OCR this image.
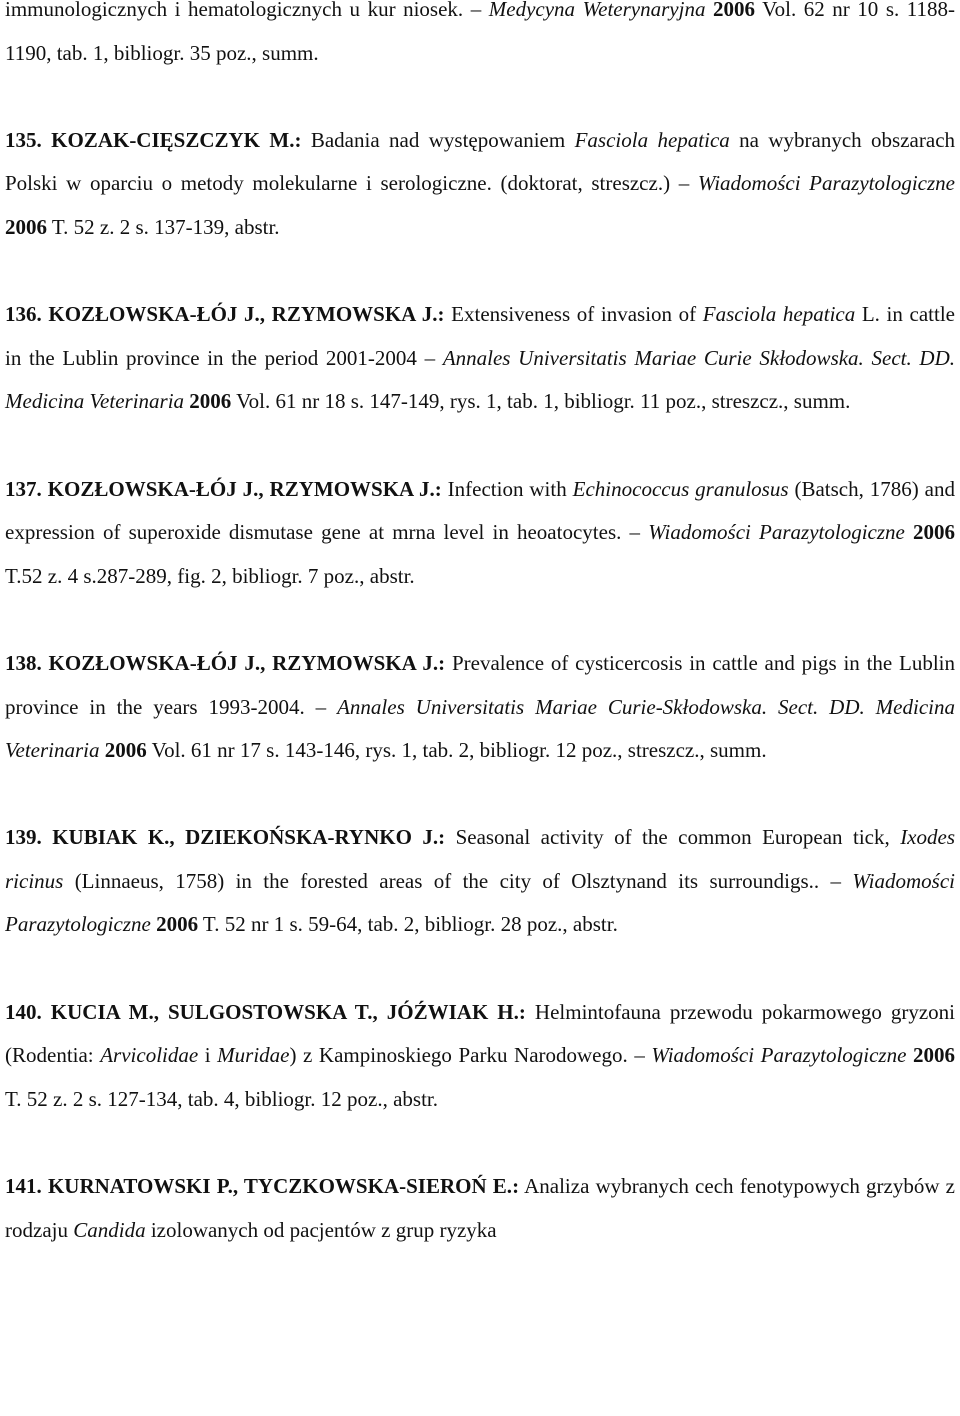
immunologicznych i hematologicznych u kur niosek. – Medycyna Weterynaryjna 2006 Vol. 62 nr 10 s. 1188-1190, tab. 1, bibliogr. 35 poz., summ.

135. KOZAK-CIĘSZCZYK M.: Badania nad występowaniem Fasciola hepatica na wybranych obszarach Polski w oparciu o metody molekularne i serologiczne. (doktorat, streszcz.) – Wiadomości Parazytologiczne 2006 T. 52 z. 2 s. 137-139, abstr.

136. KOZŁOWSKA-ŁÓJ J., RZYMOWSKA J.: Extensiveness of invasion of Fasciola hepatica L. in cattle in the Lublin province in the period 2001-2004 – Annales Universitatis Mariae Curie Skłodowska. Sect. DD. Medicina Veterinaria 2006 Vol. 61 nr 18 s. 147-149, rys. 1, tab. 1, bibliogr. 11 poz., streszcz., summ.

137. KOZŁOWSKA-ŁÓJ J., RZYMOWSKA J.: Infection with Echinococcus granulosus (Batsch, 1786) and expression of superoxide dismutase gene at mrna level in heoatocytes. – Wiadomości Parazytologiczne 2006 T.52 z. 4 s.287-289, fig. 2, bibliogr. 7 poz., abstr.

138. KOZŁOWSKA-ŁÓJ J., RZYMOWSKA J.: Prevalence of cysticercosis in cattle and pigs in the Lublin province in the years 1993-2004. – Annales Universitatis Mariae Curie-Skłodowska. Sect. DD. Medicina Veterinaria 2006 Vol. 61 nr 17 s. 143-146, rys. 1, tab. 2, bibliogr. 12 poz., streszcz., summ.

139. KUBIAK K., DZIEKOŃSKA-RYNKO J.: Seasonal activity of the common European tick, Ixodes ricinus (Linnaeus, 1758) in the forested areas of the city of Olsztynand its surroundigs.. – Wiadomości Parazytologiczne 2006 T. 52 nr 1 s. 59-64, tab. 2, bibliogr. 28 poz., abstr.

140. KUCIA M., SULGOSTOWSKA T., JÓŹWIAK H.: Helmintofauna przewodu pokarmowego gryzoni (Rodentia: Arvicolidae i Muridae) z Kampinoskiego Parku Narodowego. – Wiadomości Parazytologiczne 2006 T. 52 z. 2 s. 127-134, tab. 4, bibliogr. 12 poz., abstr.

141. KURNATOWSKI P., TYCZKOWSKA-SIEROŃ E.: Analiza wybranych cech fenotypowych grzybów z rodzaju Candida izolowanych od pacjentów z grup ryzyka
